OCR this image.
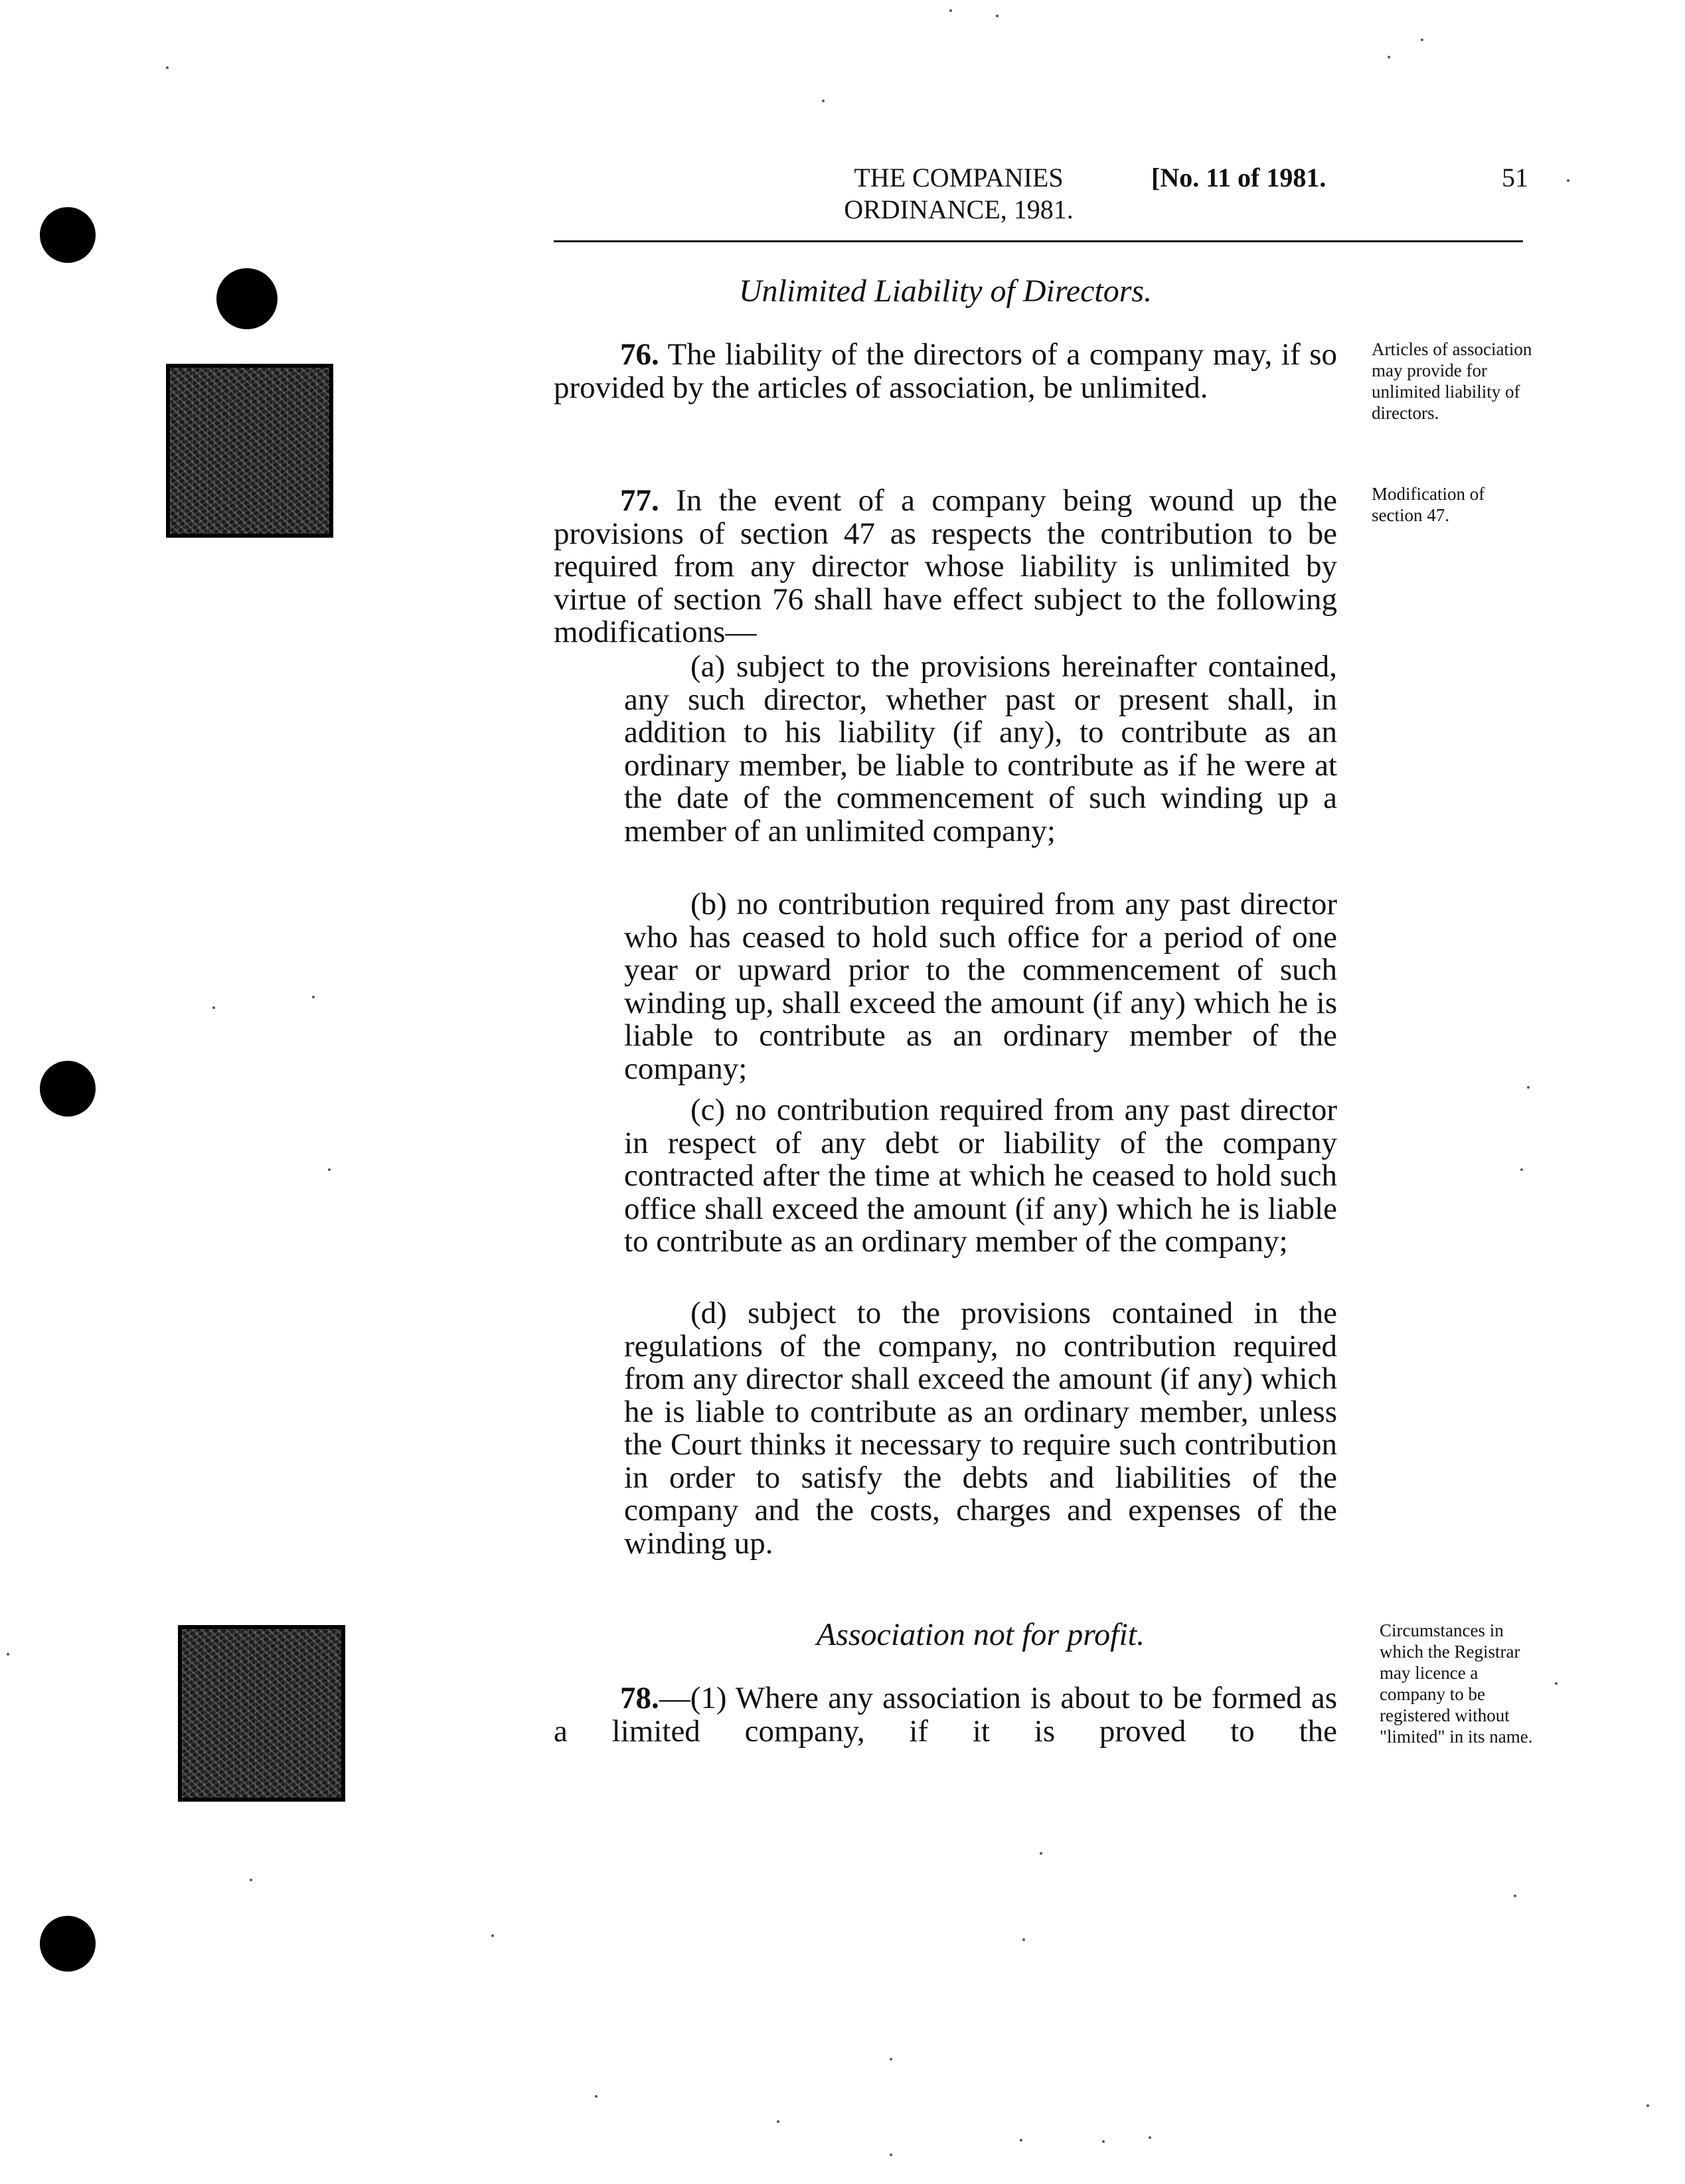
THE COMPANIES
ORDINANCE, 1981.
[No. 11 of 1981.	51
Unlimited Liability of Directors.
76. The liability of the directors of a company may, if so provided by the articles of association, be unlimited.
Articles of association may provide for unlimited liability of directors.
77. In the event of a company being wound up the provisions of section 47 as respects the contribution to be required from any director whose liability is unlimited by virtue of section 76 shall have effect subject to the following modifications—
Modification of section 47.
(a) subject to the provisions hereinafter contained, any such director, whether past or present shall, in addition to his liability (if any), to contribute as an ordinary member, be liable to contribute as if he were at the date of the commencement of such winding up a member of an unlimited company;
(b) no contribution required from any past director who has ceased to hold such office for a period of one year or upward prior to the commencement of such winding up, shall exceed the amount (if any) which he is liable to contribute as an ordinary member of the company;
(c) no contribution required from any past director in respect of any debt or liability of the company contracted after the time at which he ceased to hold such office shall exceed the amount (if any) which he is liable to contribute as an ordinary member of the company;
(d) subject to the provisions contained in the regulations of the company, no contribution required from any director shall exceed the amount (if any) which he is liable to contribute as an ordinary member, unless the Court thinks it necessary to require such contribution in order to satisfy the debts and liabilities of the company and the costs, charges and expenses of the winding up.
Association not for profit.
78.—(1) Where any association is about to be formed as a limited company, if it is proved to the
Circumstances in which the Registrar may licence a company to be registered without "limited" in its name.
